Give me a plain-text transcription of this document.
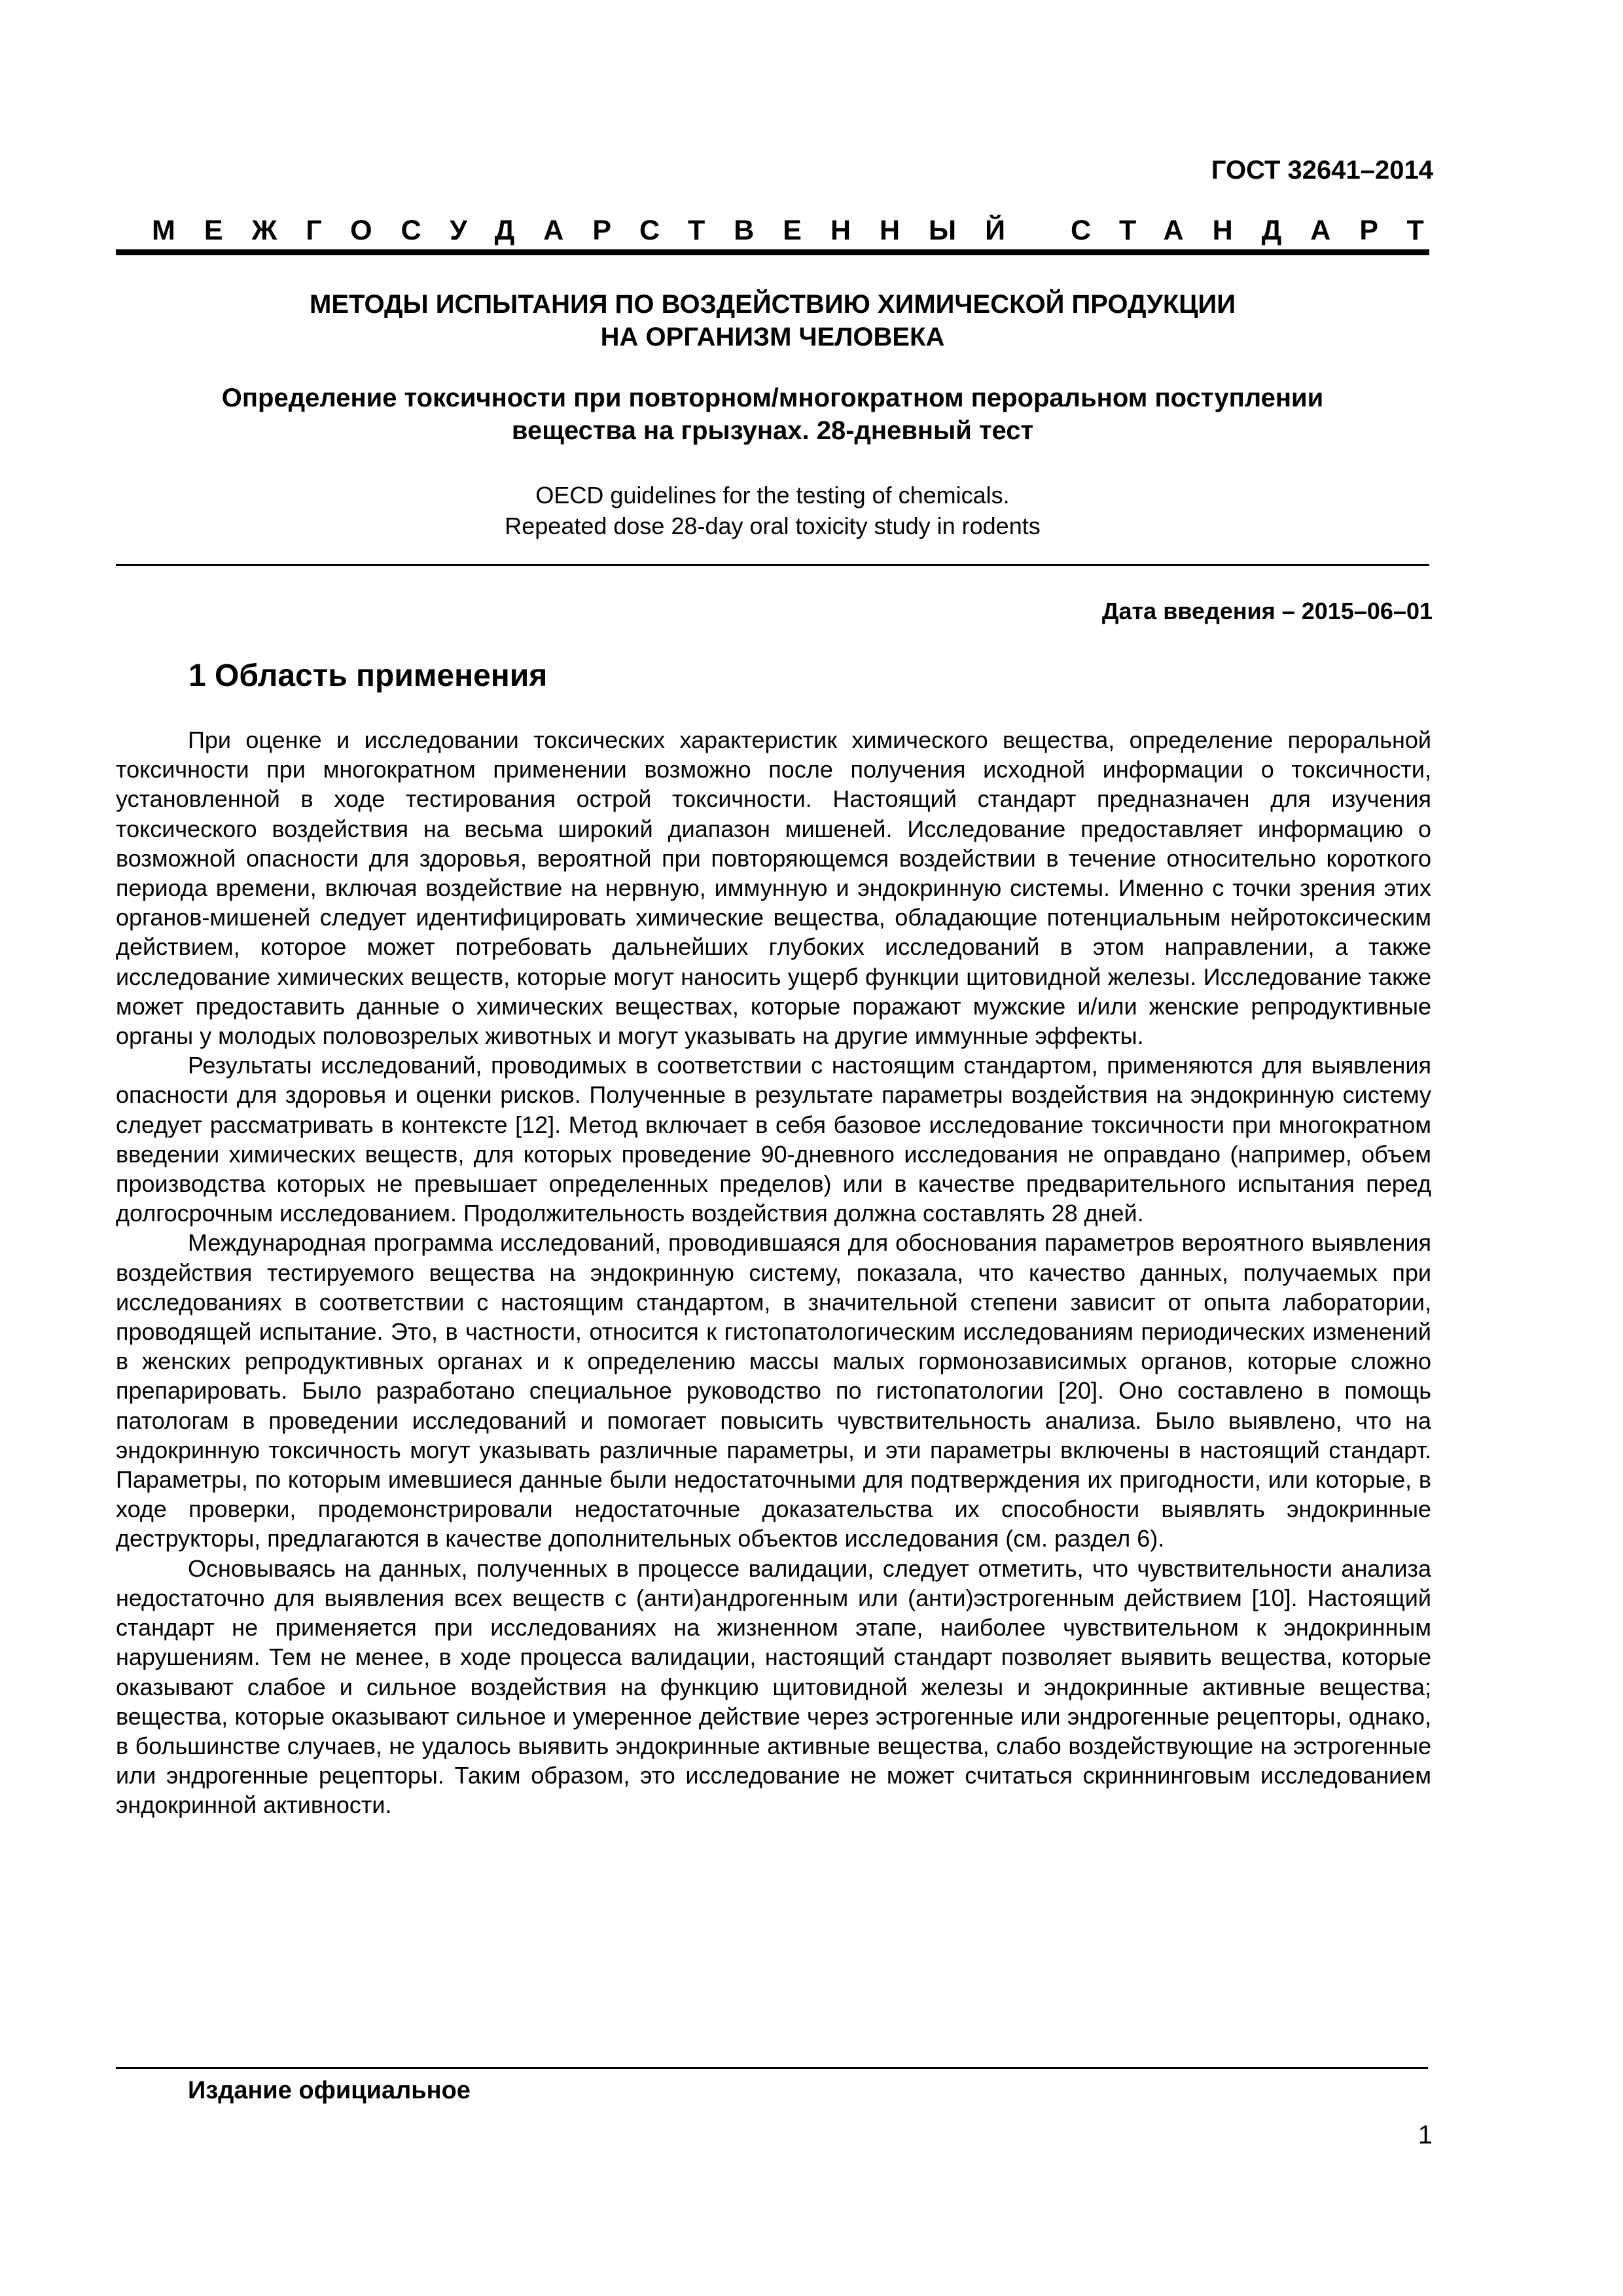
ГОСТ 32641–2014
МЕЖГОСУДАРСТВЕННЫЙ СТАНДАРТ
МЕТОДЫ ИСПЫТАНИЯ ПО ВОЗДЕЙСТВИЮ ХИМИЧЕСКОЙ ПРОДУКЦИИ
НА ОРГАНИЗМ ЧЕЛОВЕКА
Определение токсичности при повторном/многократном пероральном поступлении
вещества на грызунах. 28-дневный тест
OECD guidelines for the testing of chemicals.
Repeated dose 28-day oral toxicity study in rodents
Дата введения – 2015–06–01
1 Область применения

При оценке и исследовании токсических характеристик химического вещества, определение пероральной токсичности при многократном применении возможно после получения исходной информации о токсичности, установленной в ходе тестирования острой токсичности. Настоящий стандарт предназначен для изучения токсического воздействия на весьма широкий диапазон мишеней. Исследование предоставляет информацию о возможной опасности для здоровья, вероятной при повторяющемся воздействии в течение относительно короткого периода времени, включая воздействие на нервную, иммунную и эндокринную системы. Именно с точки зрения этих органов-мишеней следует идентифицировать химические вещества, обладающие потенциальным нейротоксическим действием, которое может потребовать дальнейших глубоких исследований в этом направлении, а также исследование химических веществ, которые могут наносить ущерб функции щитовидной железы. Исследование также может предоставить данные о химических веществах, которые поражают мужские и/или женские репродуктивные органы у молодых половозрелых животных и могут указывать на другие иммунные эффекты.

Результаты исследований, проводимых в соответствии с настоящим стандартом, применяются для выявления опасности для здоровья и оценки рисков. Полученные в результате параметры воздействия на эндокринную систему следует рассматривать в контексте [12]. Метод включает в себя базовое исследование токсичности при многократном введении химических веществ, для которых проведение 90-дневного исследования не оправдано (например, объем производства которых не превышает определенных пределов) или в качестве предварительного испытания перед долгосрочным исследованием. Продолжительность воздействия должна составлять 28 дней.

Международная программа исследований, проводившаяся для обоснования параметров вероятного выявления воздействия тестируемого вещества на эндокринную систему, показала, что качество данных, получаемых при исследованиях в соответствии с настоящим стандартом, в значительной степени зависит от опыта лаборатории, проводящей испытание. Это, в частности, относится к гистопатологическим исследованиям периодических изменений в женских репродуктивных органах и к определению массы малых гормонозависимых органов, которые сложно препарировать. Было разработано специальное руководство по гистопатологии [20]. Оно составлено в помощь патологам в проведении исследований и помогает повысить чувствительность анализа. Было выявлено, что на эндокринную токсичность могут указывать различные параметры, и эти параметры включены в настоящий стандарт. Параметры, по которым имевшиеся данные были недостаточными для подтверждения их пригодности, или которые, в ходе проверки, продемонстрировали недостаточные доказательства их способности выявлять эндокринные деструкторы, предлагаются в качестве дополнительных объектов исследования (см. раздел 6).

Основываясь на данных, полученных в процессе валидации, следует отметить, что чувствительности анализа недостаточно для выявления всех веществ с (анти)андрогенным или (анти)эстрогенным действием [10]. Настоящий стандарт не применяется при исследованиях на жизненном этапе, наиболее чувствительном к эндокринным нарушениям. Тем не менее, в ходе процесса валидации, настоящий стандарт позволяет выявить вещества, которые оказывают слабое и сильное воздействия на функцию щитовидной железы и эндокринные активные вещества; вещества, которые оказывают сильное и умеренное действие через эстрогенные или эндрогенные рецепторы, однако, в большинстве случаев, не удалось выявить эндокринные активные вещества, слабо воздействующие на эстрогенные или эндрогенные рецепторы. Таким образом, это исследование не может считаться скриннинговым исследованием эндокринной активности.

Издание официальное
1
